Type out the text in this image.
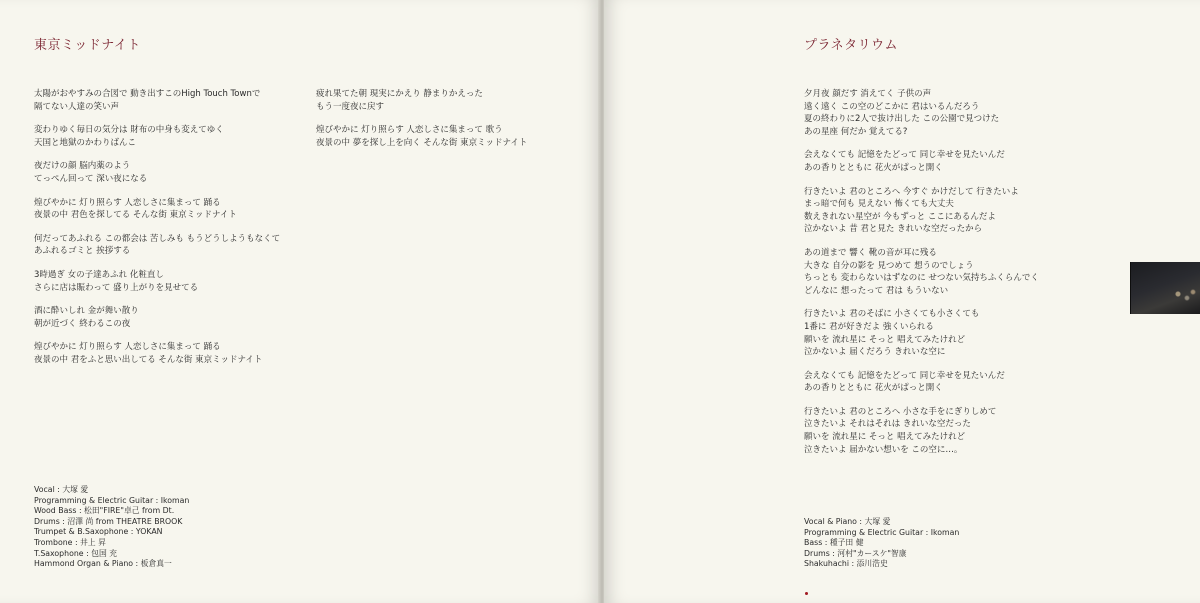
東京ミッドナイト
太陽がおやすみの合図で 動き出すこのHigh Touch Townで
隔てない人達の笑い声
変わりゆく毎日の気分は 財布の中身も変えてゆく
天国と地獄のかわりばんこ
夜だけの顔 脳内薬のよう
てっぺん回って 深い夜になる
煌びやかに 灯り照らす 人恋しさに集まって 踊る
夜景の中 君色を探してる そんな街 東京ミッドナイト
何だってあふれる この都会は 苦しみも もうどうしようもなくて
あふれるゴミと 挨拶する
3時過ぎ 女の子達あふれ 化粧直し
さらに店は賑わって 盛り上がりを見せてる
酒に酔いしれ 金が舞い散り
朝が近づく 終わるこの夜
煌びやかに 灯り照らす 人恋しさに集まって 踊る
夜景の中 君をふと思い出してる そんな街 東京ミッドナイト
疲れ果てた朝 現実にかえり 静まりかえった
もう一度夜に戻す
煌びやかに 灯り照らす 人恋しさに集まって 歌う
夜景の中 夢を探し上を向く そんな街 東京ミッドナイト
Vocal : 大塚 愛
Programming & Electric Guitar : Ikoman
Wood Bass : 松田"FIRE"卓己 from Dt.
Drums : 沼澤 尚 from THEATRE BROOK
Trumpet & B.Saxophone : YOKAN
Trombone : 井上 昇
T.Saxophone : 包国 充
Hammond Organ & Piano : 板倉真一
プラネタリウム
夕月夜 顔だす 消えてく 子供の声
遠く遠く この空のどこかに 君はいるんだろう
夏の終わりに2人で抜け出した この公園で見つけた
あの星座 何だか 覚えてる?
会えなくても 記憶をたどって 同じ幸せを見たいんだ
あの香りとともに 花火がぱっと開く
行きたいよ 君のところへ 今すぐ かけだして 行きたいよ
まっ暗で何も 見えない 怖くても大丈夫
数えきれない星空が 今もずっと ここにあるんだよ
泣かないよ 昔 君と見た きれいな空だったから
あの道まで 響く 靴の音が耳に残る
大きな 自分の影を 見つめて 想うのでしょう
ちっとも 変わらないはずなのに せつない気持ちふくらんでく
どんなに 想ったって 君は もういない
行きたいよ 君のそばに 小さくても小さくても
1番に 君が好きだよ 強くいられる
願いを 流れ星に そっと 唱えてみたけれど
泣かないよ 届くだろう きれいな空に
会えなくても 記憶をたどって 同じ幸せを見たいんだ
あの香りとともに 花火がぱっと開く
行きたいよ 君のところへ 小さな手をにぎりしめて
泣きたいよ それはそれは きれいな空だった
願いを 流れ星に そっと 唱えてみたけれど
泣きたいよ 届かない想いを この空に…。
Vocal & Piano : 大塚 愛
Programming & Electric Guitar : Ikoman
Bass : 種子田 健
Drums : 河村"カースケ"智康
Shakuhachi : 添川浩史
